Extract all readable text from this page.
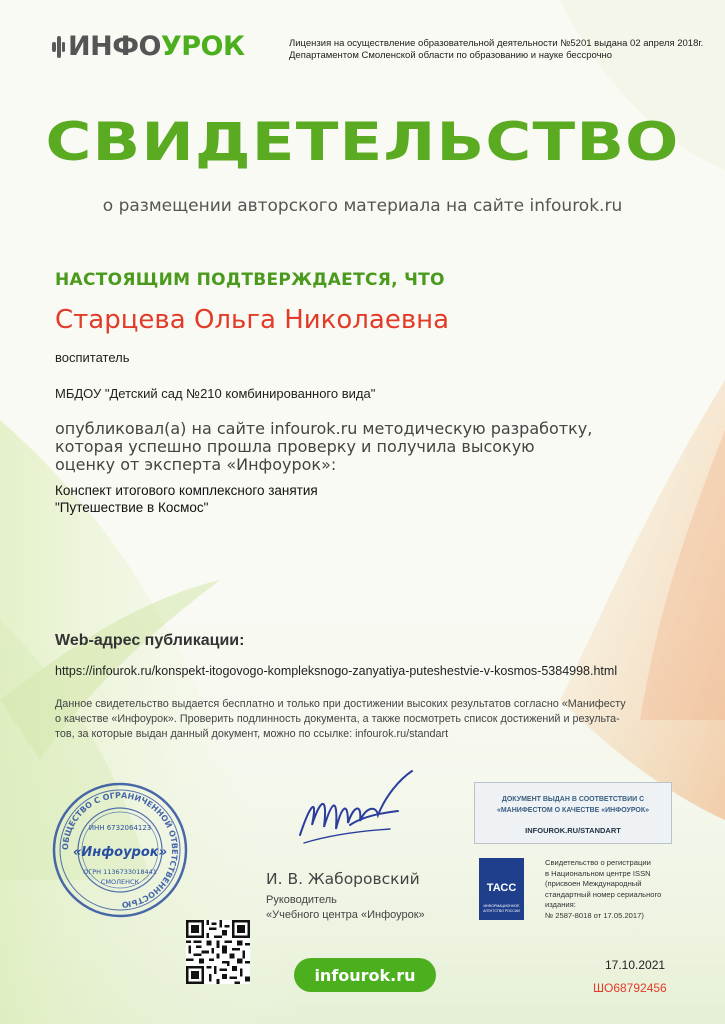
ИНФО УРОК	Лицензия на осуществление образовательной деятельности №5201 выдана 02 апреля 2018г.
Департаментом Смоленской области по образованию и науке бессрочно
СВИДЕТЕЛЬСТВО
о размещении авторского материала на сайте infourok.ru
НАСТОЯЩИМ ПОДТВЕРЖДАЕТСЯ, ЧТО
Старцева Ольга Николаевна
воспитатель
МБДОУ "Детский сад №210 комбинированного вида"
опубликовал(а) на сайте infourok.ru методическую разработку,
которая успешно прошла проверку и получила высокую
оценку от эксперта «Инфоурок»:
Конспект итогового комплексного занятия
"Путешествие в Космос"
Web-адрес публикации:
https://infourok.ru/konspekt-itogovogo-kompleksnogo-zanyatiya-puteshestvie-v-kosmos-5384998.html
Данное свидетельство выдается бесплатно и только при достижении высоких результатов согласно «Манифесту
о качестве «Инфоурок». Проверить подлинность документа, а также посмотреть список достижений и результа-
тов, за которые выдан данный документ, можно по ссылке: infourok.ru/standart
ОБЩЕСТВО С ОГРАНИЧЕННОЙ ОТВЕТСТВЕННОСТЬЮ
ИНН 6732064123
«Инфоурок»
ОГРН 1136733018441
СМОЛЕНСК	И. В. Жаборовский
Руководитель
«Учебного центра «Инфоурок»
infourok.ru
ДОКУМЕНТ ВЫДАН В СООТВЕТСТВИИ С
«МАНИФЕСТОМ О КАЧЕСТВЕ «ИНФОУРОК»
INFOUROK.RU/STANDART
ТАСС
ИНФОРМАЦИОННОЕ
АГЕНТСТВО РОССИИ
Свидетельство о регистрации
в Национальном центре ISSN
(присвоен Международный
стандартный номер сериального
издания:
№ 2587-8018 от 17.05.2017)
17.10.2021
ШО68792456
